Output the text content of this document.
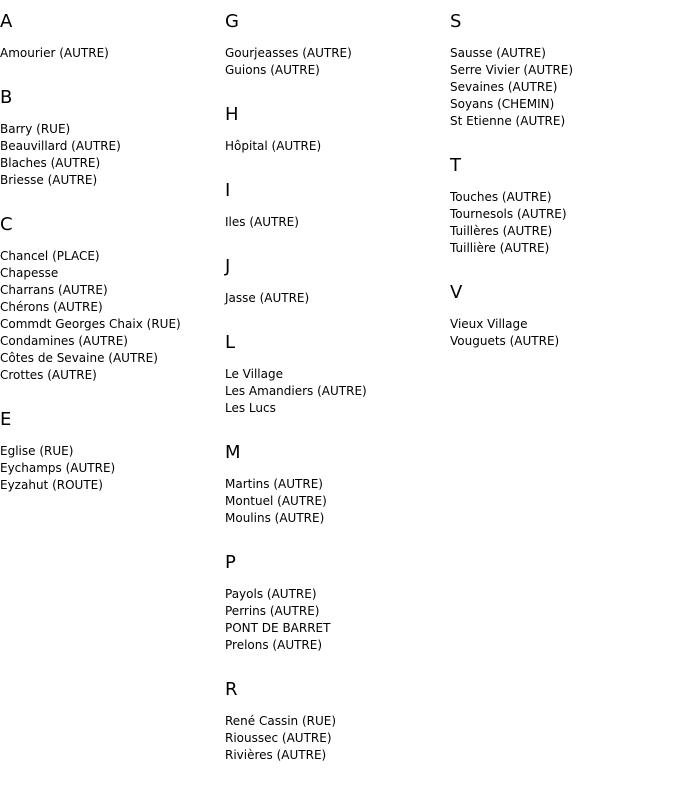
A
Amourier (AUTRE)
B
Barry (RUE)
Beauvillard (AUTRE)
Blaches (AUTRE)
Briesse (AUTRE)
C
Chancel (PLACE)
Chapesse
Charrans (AUTRE)
Chérons (AUTRE)
Commdt Georges Chaix (RUE)
Condamines (AUTRE)
Côtes de Sevaine (AUTRE)
Crottes (AUTRE)
E
Eglise (RUE)
Eychamps (AUTRE)
Eyzahut (ROUTE)
G
Gourjeasses (AUTRE)
Guions (AUTRE)
H
Hôpital (AUTRE)
I
Iles (AUTRE)
J
Jasse (AUTRE)
L
Le Village
Les Amandiers (AUTRE)
Les Lucs
M
Martins (AUTRE)
Montuel (AUTRE)
Moulins (AUTRE)
P
Payols (AUTRE)
Perrins (AUTRE)
PONT DE BARRET
Prelons (AUTRE)
R
René Cassin (RUE)
Rioussec (AUTRE)
Rivières (AUTRE)
S
Sausse (AUTRE)
Serre Vivier (AUTRE)
Sevaines (AUTRE)
Soyans (CHEMIN)
St Etienne (AUTRE)
T
Touches (AUTRE)
Tournesols (AUTRE)
Tuillères (AUTRE)
Tuillière (AUTRE)
V
Vieux Village
Vouguets (AUTRE)
